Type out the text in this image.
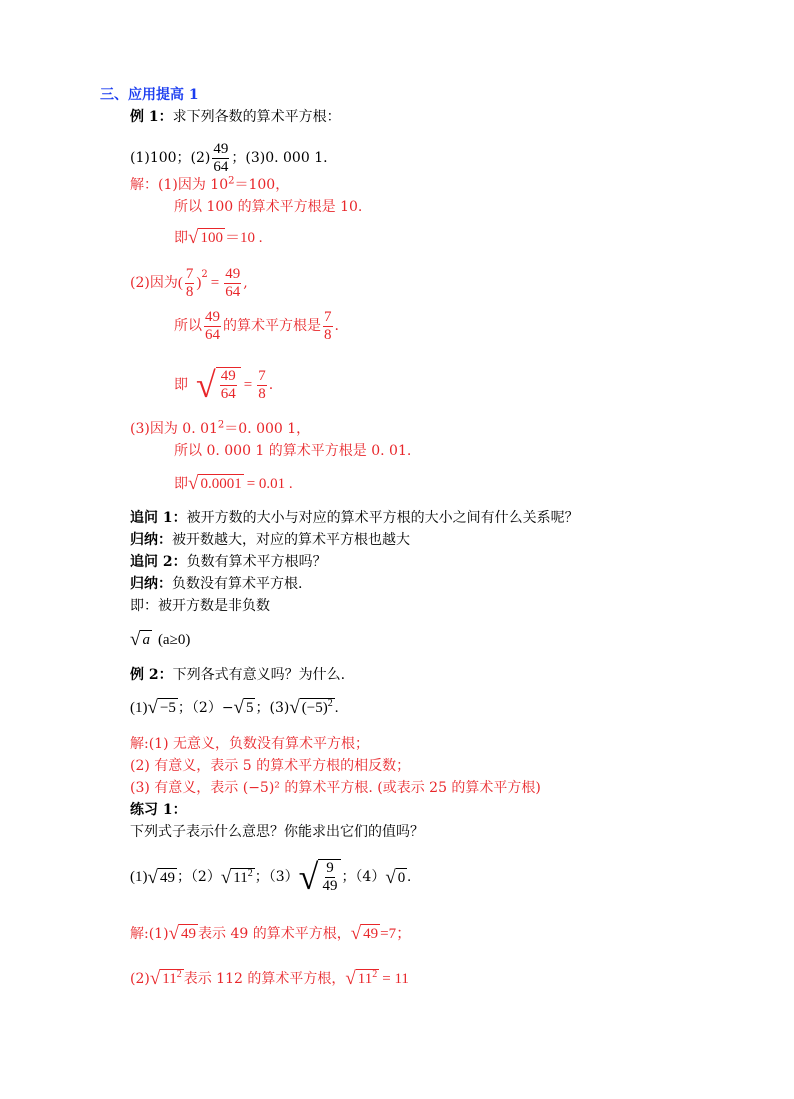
三、应用提高 1
例 1：求下列各数的算术平方根：
(1)100；$(2) \frac{49}{64}$ ；(3)0. 000 1.
解：(1)因为 $10^2=100$，
所以 100 的算术平方根是 10.
即 √ 100 ＝10 .
(2)因为 ( $\frac{7}{8}$ )
$^2$
= $\frac{49}{64}$ ,
所以 $\frac{49}{64}$ 的算术平方根是 $\frac{7}{8}$ .
即 √ $\frac{49}{64} = \frac{7}{8}$ .
(3)因为 0. $01^2=0$. 000 1，
所以 0. 000 1 的算术平方根是 0. 01.
即 √ 0.0001 = 0.01 .
追问 1：被开方数的大小与对应的算术平方根的大小之间有什么关系呢？
归纳：被开数越大，对应的算术平方根也越大
追问 2：负数有算术平方根吗？
归纳：负数没有算术平方根.
即：被开方数是非负数
√ a (a≥0)
例 2：下列各式有意义吗？为什么.
(1) √ −5 ；（2）− √ 5 ；(3) √ $(-5)^2$ .
解:(1) 无意义，负数没有算术平方根；
(2) 有意义，表示 5 的算术平方根的相反数；
(3) 有意义，表示 (−5)² 的算术平方根. (或表示 25 的算术平方根)
练习 1：
下列式子表示什么意思？你能求出它们的值吗？
(1) √ 49 ；（2） √ $11^2$ ；（3） √ $\frac{9}{49}$ ；（4） √ 0 .
解:(1) √ 49 表示 49 的算术平方根， √ 49 =7；
(2) √ $11^2$ 表示 112 的算术平方根， √ $11^2 = 11$
